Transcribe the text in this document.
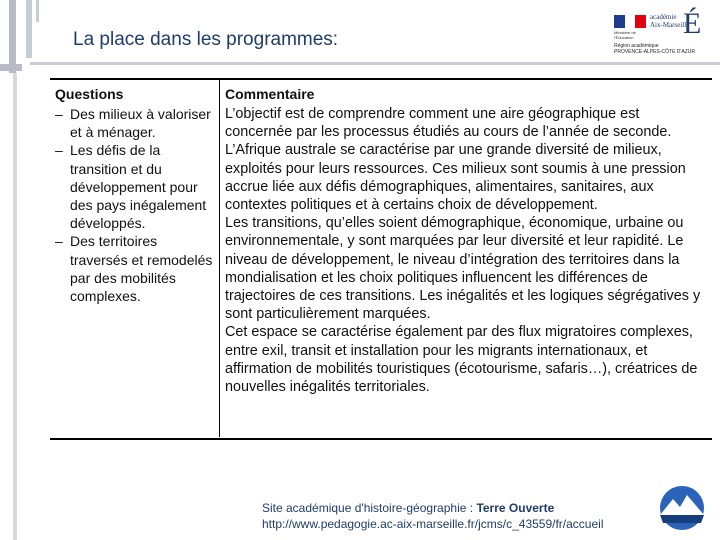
La place dans les programmes:	Ministère de l'Éducation
académie
Aix-Marseille
É
Région académique
PROVENCE-ALPES-CÔTE D'AZUR
Questions
– Des milieux à valoriser et à ménager.
– Les défis de la transition et du développement pour des pays inégalement développés.
– Des territoires traversés et remodelés par des mobilités complexes.
Commentaire

L’objectif est de comprendre comment une aire géographique est concernée par les processus étudiés au cours de l’année de seconde. L’Afrique australe se caractérise par une grande diversité de milieux, exploités pour leurs ressources. Ces milieux sont soumis à une pression accrue liée aux défis démographiques, alimentaires, sanitaires, aux contextes politiques et à certains choix de développement.

Les transitions, qu’elles soient démographique, économique, urbaine ou environnementale, y sont marquées par leur diversité et leur rapidité. Le niveau de développement, le niveau d’intégration des territoires dans la mondialisation et les choix politiques influencent les différences de trajectoires de ces transitions. Les inégalités et les logiques ségrégatives y sont particulièrement marquées.

Cet espace se caractérise également par des flux migratoires complexes, entre exil, transit et installation pour les migrants internationaux, et affirmation de mobilités touristiques (écotourisme, safaris…), créatrices de nouvelles inégalités territoriales.

Site académique d'histoire-géographie : Terre Ouverte
http://www.pedagogie.ac-aix-marseille.fr/jcms/c_43559/fr/accueil
